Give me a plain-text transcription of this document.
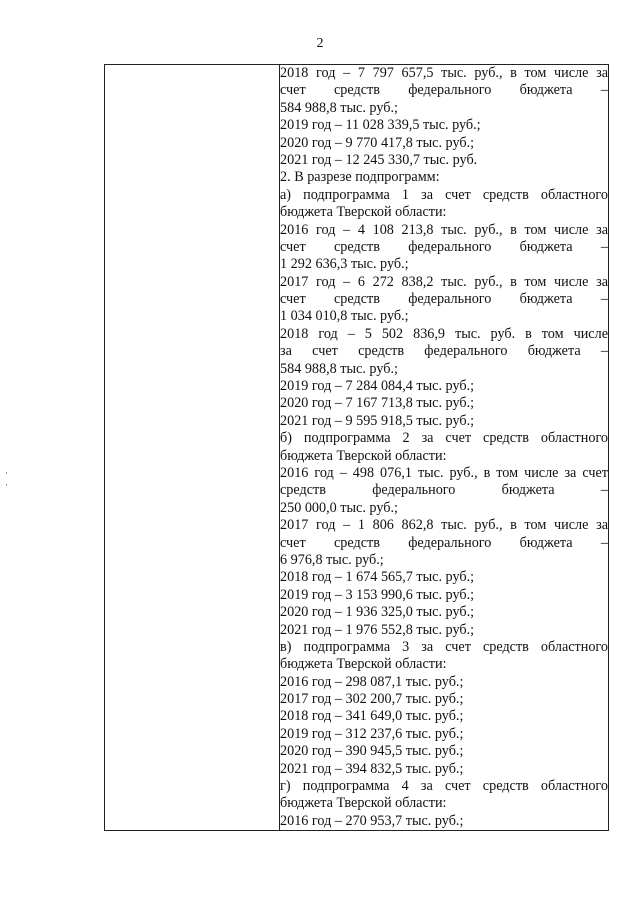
2

2018 год – 7 797 657,5 тыс. руб., в том числе за
счет средств федерального бюджета –
584 988,8 тыс. руб.;
2019 год – 11 028 339,5 тыс. руб.;
2020 год – 9 770 417,8 тыс. руб.;
2021 год – 12 245 330,7 тыс. руб.
2. В разрезе подпрограмм:
а) подпрограмма 1 за счет средств областного
бюджета Тверской области:
2016 год – 4 108 213,8 тыс. руб., в том числе за
счет средств федерального бюджета –
1 292 636,3 тыс. руб.;
2017 год – 6 272 838,2 тыс. руб., в том числе за
счет средств федерального бюджета –
1 034 010,8 тыс. руб.;
2018 год – 5 502 836,9 тыс. руб. в том числе
за счет средств федерального бюджета –
584 988,8 тыс. руб.;
2019 год – 7 284 084,4 тыс. руб.;
2020 год – 7 167 713,8 тыс. руб.;
2021 год – 9 595 918,5 тыс. руб.;
б) подпрограмма 2 за счет средств областного
бюджета Тверской области:
2016 год – 498 076,1 тыс. руб., в том числе за счет
средств федерального бюджета –
250 000,0 тыс. руб.;
2017 год – 1 806 862,8 тыс. руб., в том числе за
счет средств федерального бюджета –
6 976,8 тыс. руб.;
2018 год – 1 674 565,7 тыс. руб.;
2019 год – 3 153 990,6 тыс. руб.;
2020 год – 1 936 325,0 тыс. руб.;
2021 год – 1 976 552,8 тыс. руб.;
в) подпрограмма 3 за счет средств областного
бюджета Тверской области:
2016 год – 298 087,1 тыс. руб.;
2017 год – 302 200,7 тыс. руб.;
2018 год – 341 649,0 тыс. руб.;
2019 год – 312 237,6 тыс. руб.;
2020 год – 390 945,5 тыс. руб.;
2021 год – 394 832,5 тыс. руб.;
г) подпрограмма 4 за счет средств областного
бюджета Тверской области:
2016 год – 270 953,7 тыс. руб.;
